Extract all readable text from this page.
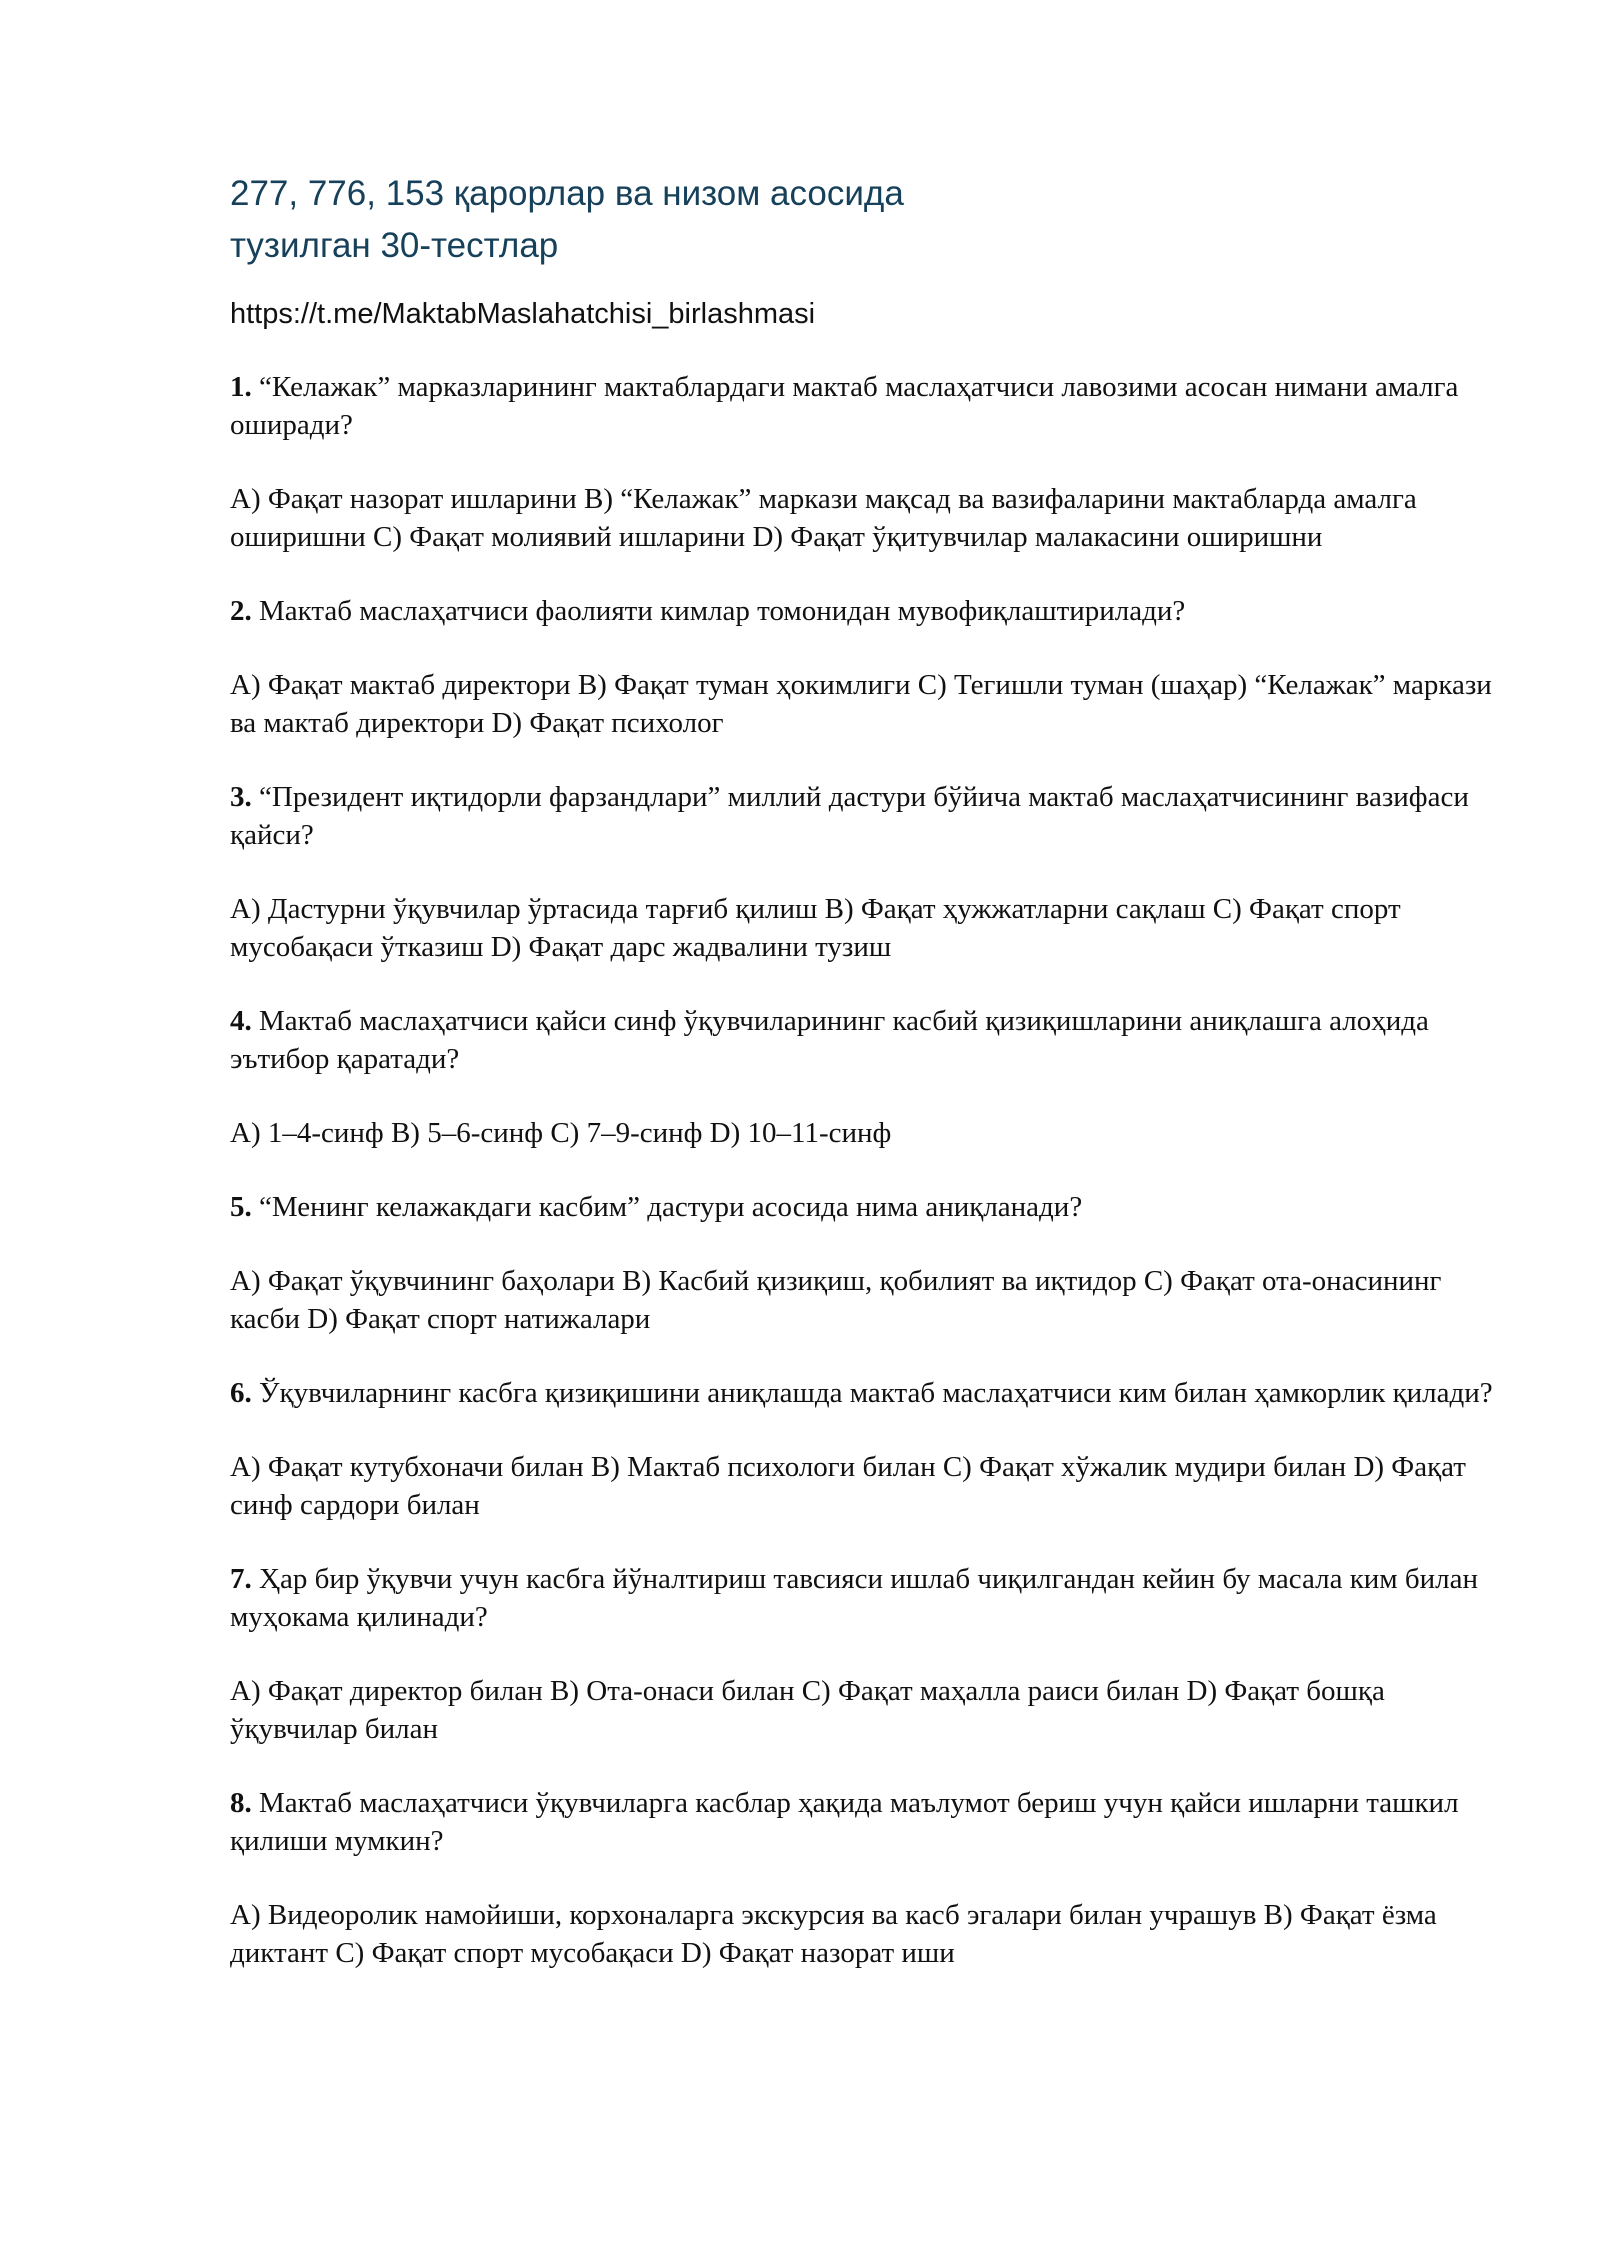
277, 776, 153 қарорлар ва низом асосида
тузилган 30-тестлар
https://t.me/MaktabMaslahatchisi_birlashmasi

1. “Келажак” марказларининг мактаблардаги мактаб маслаҳатчиси лавозими асосан нимани амалга оширади?

A) Фақат назорат ишларини B) “Келажак” маркази мақсад ва вазифаларини мактабларда амалга оширишни C) Фақат молиявий ишларини D) Фақат ўқитувчилар малакасини оширишни

2. Мактаб маслаҳатчиси фаолияти кимлар томонидан мувофиқлаштирилади?

A) Фақат мактаб директори B) Фақат туман ҳокимлиги C) Тегишли туман (шаҳар) “Келажак” маркази ва мактаб директори D) Фақат психолог

3. “Президент иқтидорли фарзандлари” миллий дастури бўйича мактаб маслаҳатчисининг вазифаси қайси?

A) Дастурни ўқувчилар ўртасида тарғиб қилиш B) Фақат ҳужжатларни сақлаш C) Фақат спорт мусобақаси ўтказиш D) Фақат дарс жадвалини тузиш

4. Мактаб маслаҳатчиси қайси синф ўқувчиларининг касбий қизиқишларини аниқлашга алоҳида эътибор қаратади?

A) 1–4-синф B) 5–6-синф C) 7–9-синф D) 10–11-синф

5. “Менинг келажакдаги касбим” дастури асосида нима аниқланади?

A) Фақат ўқувчининг баҳолари B) Касбий қизиқиш, қобилият ва иқтидор C) Фақат ота-онасининг касби D) Фақат спорт натижалари

6. Ўқувчиларнинг касбга қизиқишини аниқлашда мактаб маслаҳатчиси ким билан ҳамкорлик қилади?

A) Фақат кутубхоначи билан B) Мактаб психологи билан C) Фақат хўжалик мудири билан D) Фақат синф сардори билан

7. Ҳар бир ўқувчи учун касбга йўналтириш тавсияси ишлаб чиқилгандан кейин бу масала ким билан муҳокама қилинади?

A) Фақат директор билан B) Ота-онаси билан C) Фақат маҳалла раиси билан D) Фақат бошқа ўқувчилар билан

8. Мактаб маслаҳатчиси ўқувчиларга касблар ҳақида маълумот бериш учун қайси ишларни ташкил қилиши мумкин?

A) Видеоролик намойиши, корхоналарга экскурсия ва касб эгалари билан учрашув B) Фақат ёзма диктант C) Фақат спорт мусобақаси D) Фақат назорат иши
